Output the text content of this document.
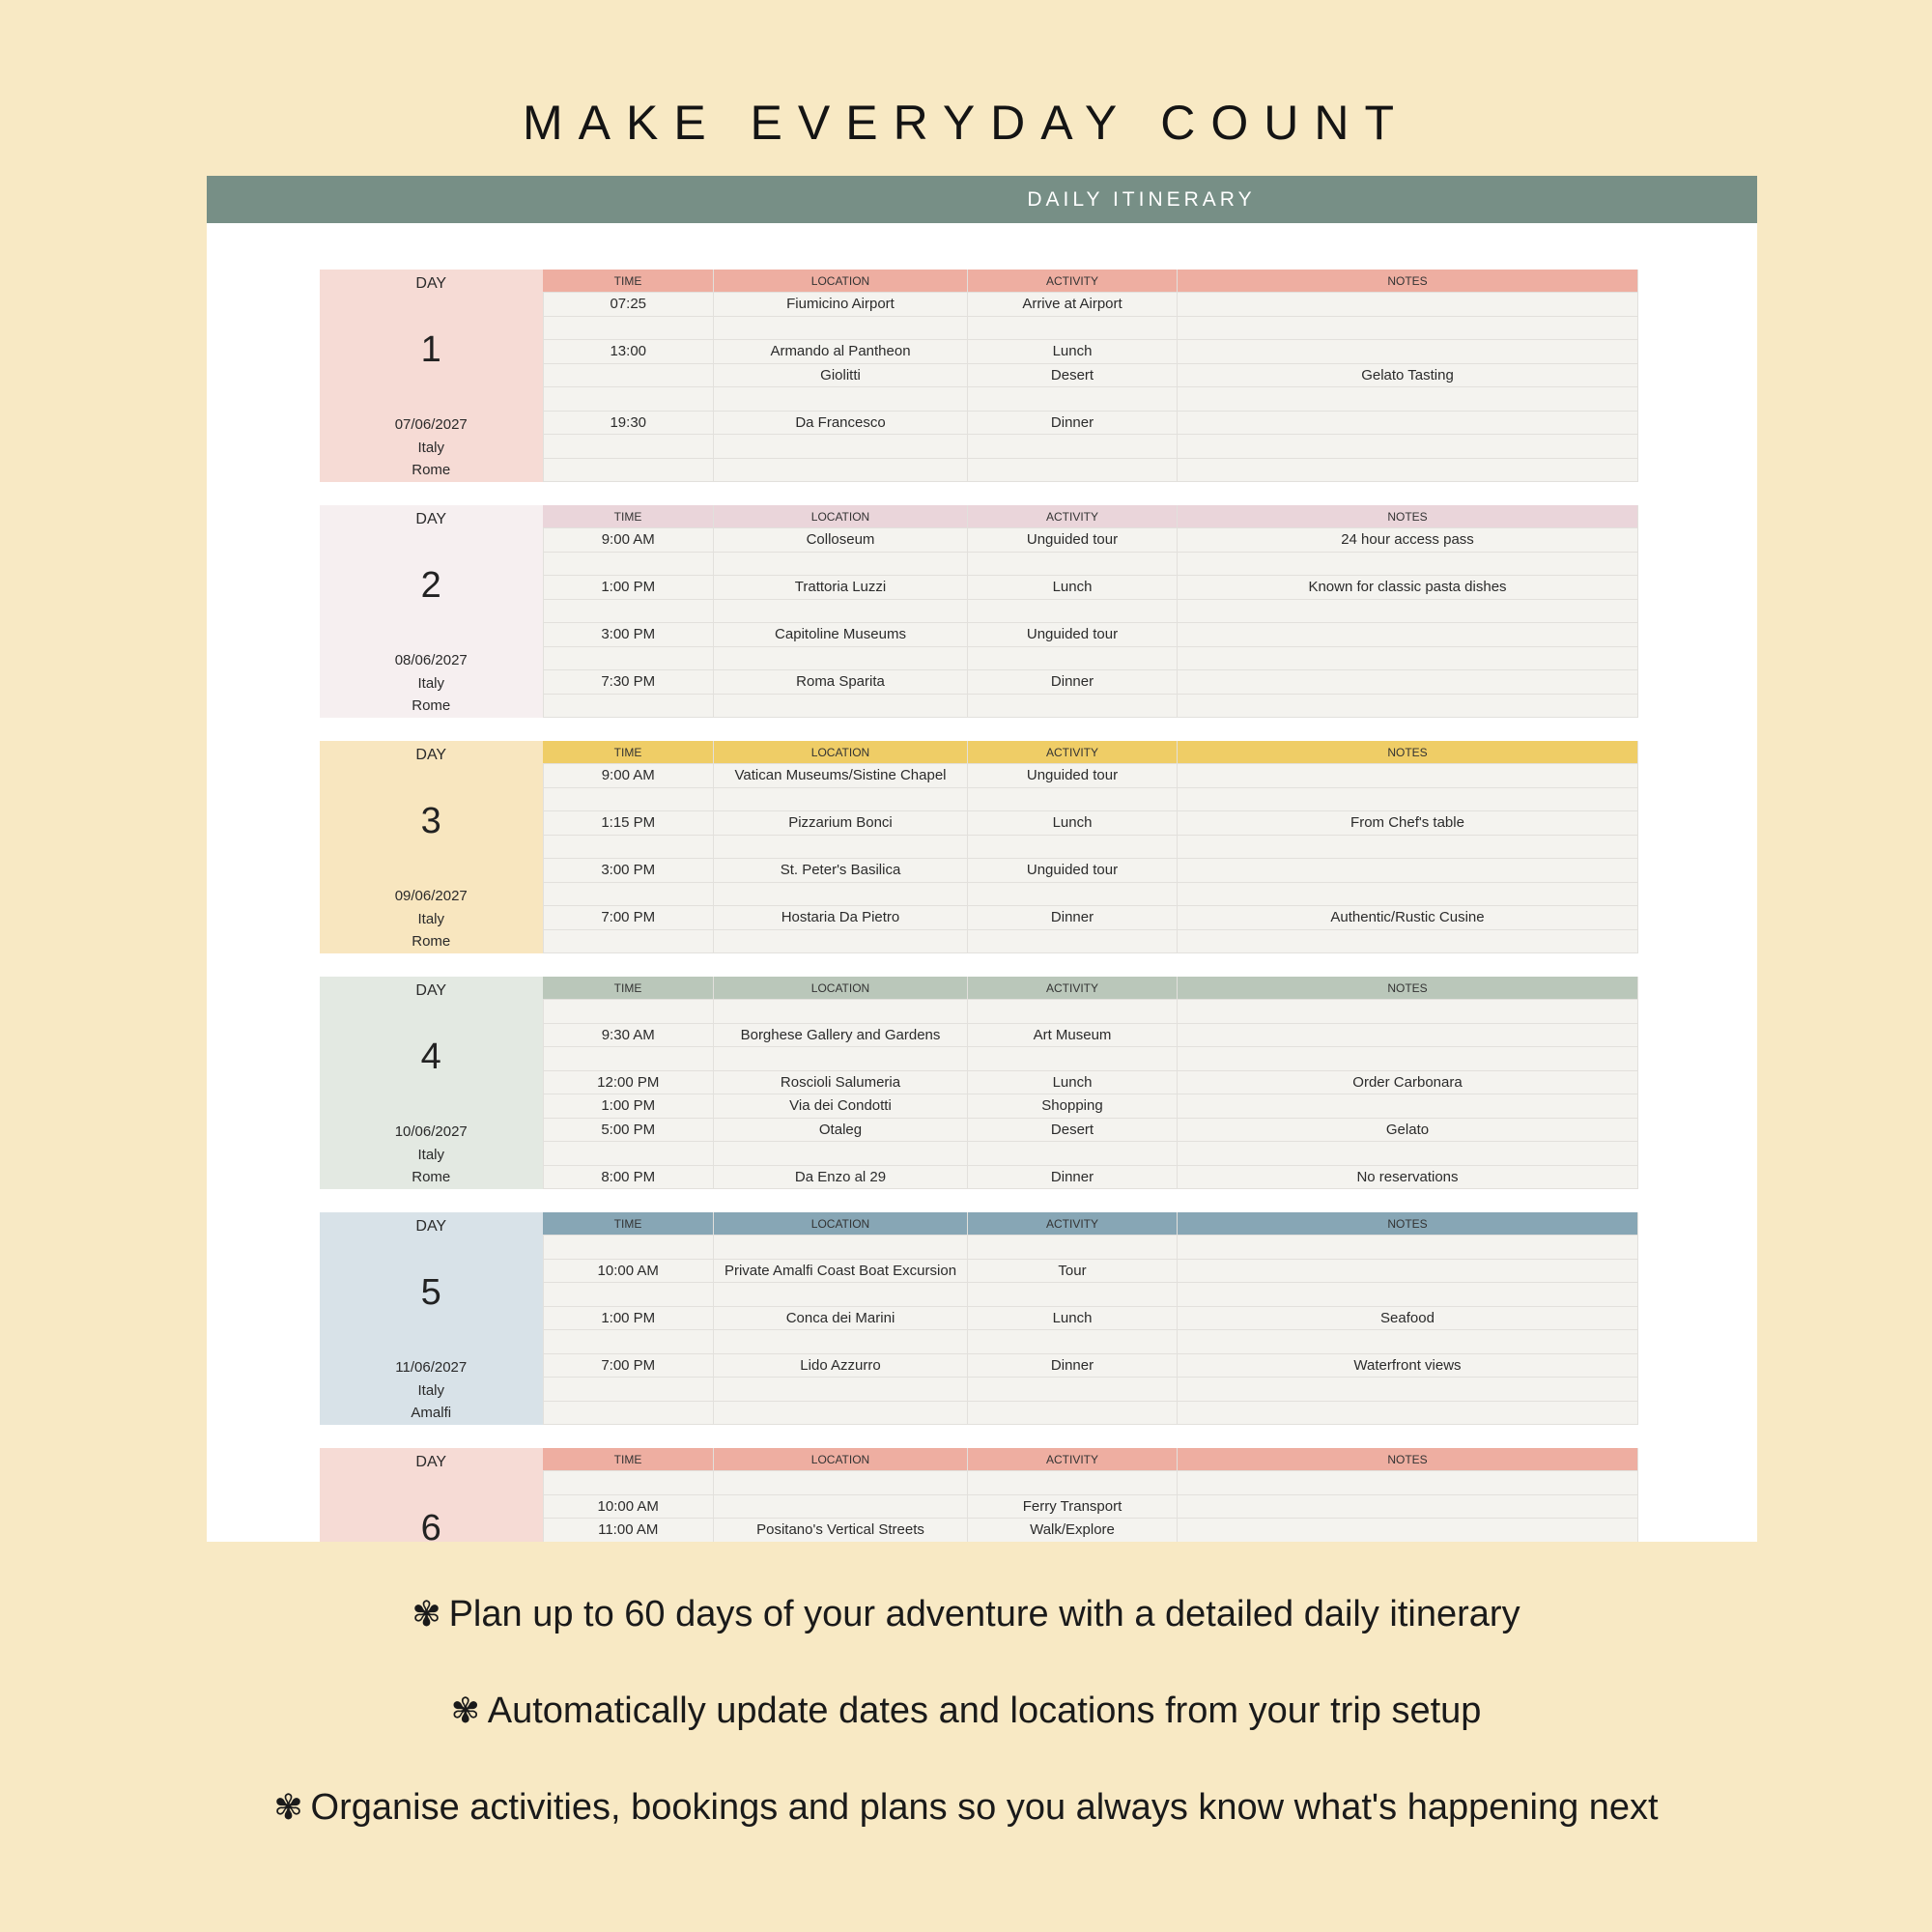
MAKE EVERYDAY COUNT
DAILY ITINERARY
DAY
1
07/06/2027
Italy
Rome
TIME	LOCATION	ACTIVITY	NOTES
07:25	Fiumicino Airport	Arrive at Airport	

13:00	Armando al Pantheon	Lunch	
	Giolitti	Desert	Gelato Tasting

19:30	Da Francesco	Dinner	

DAY
2
08/06/2027
Italy
Rome
TIME	LOCATION	ACTIVITY	NOTES
9:00 AM	Colloseum	Unguided tour	24 hour access pass

1:00 PM	Trattoria Luzzi	Lunch	Known for classic pasta dishes

3:00 PM	Capitoline Museums	Unguided tour	

7:30 PM	Roma Sparita	Dinner	

DAY
3
09/06/2027
Italy
Rome
TIME	LOCATION	ACTIVITY	NOTES
9:00 AM	Vatican Museums/Sistine Chapel	Unguided tour	

1:15 PM	Pizzarium Bonci	Lunch	From Chef's table

3:00 PM	St. Peter's Basilica	Unguided tour	

7:00 PM	Hostaria Da Pietro	Dinner	Authentic/Rustic Cusine

DAY
4
10/06/2027
Italy
Rome
TIME	LOCATION	ACTIVITY	NOTES

9:30 AM	Borghese Gallery and Gardens	Art Museum	

12:00 PM	Roscioli Salumeria	Lunch	Order Carbonara
1:00 PM	Via dei Condotti	Shopping	
5:00 PM	Otaleg	Desert	Gelato

8:00 PM	Da Enzo al 29	Dinner	No reservations
DAY
5
11/06/2027
Italy
Amalfi
TIME	LOCATION	ACTIVITY	NOTES

10:00 AM	Private Amalfi Coast Boat Excursion	Tour	

1:00 PM	Conca dei Marini	Lunch	Seafood

7:00 PM	Lido Azzurro	Dinner	Waterfront views

DAY
6
TIME	LOCATION	ACTIVITY	NOTES

10:00 AM		Ferry Transport	
11:00 AM	Positano's Vertical Streets	Walk/Explore	

✾ Plan up to 60 days of your adventure with a detailed daily itinerary
✾ Automatically update dates and locations from your trip setup
✾ Organise activities, bookings and plans so you always know what's happening next
